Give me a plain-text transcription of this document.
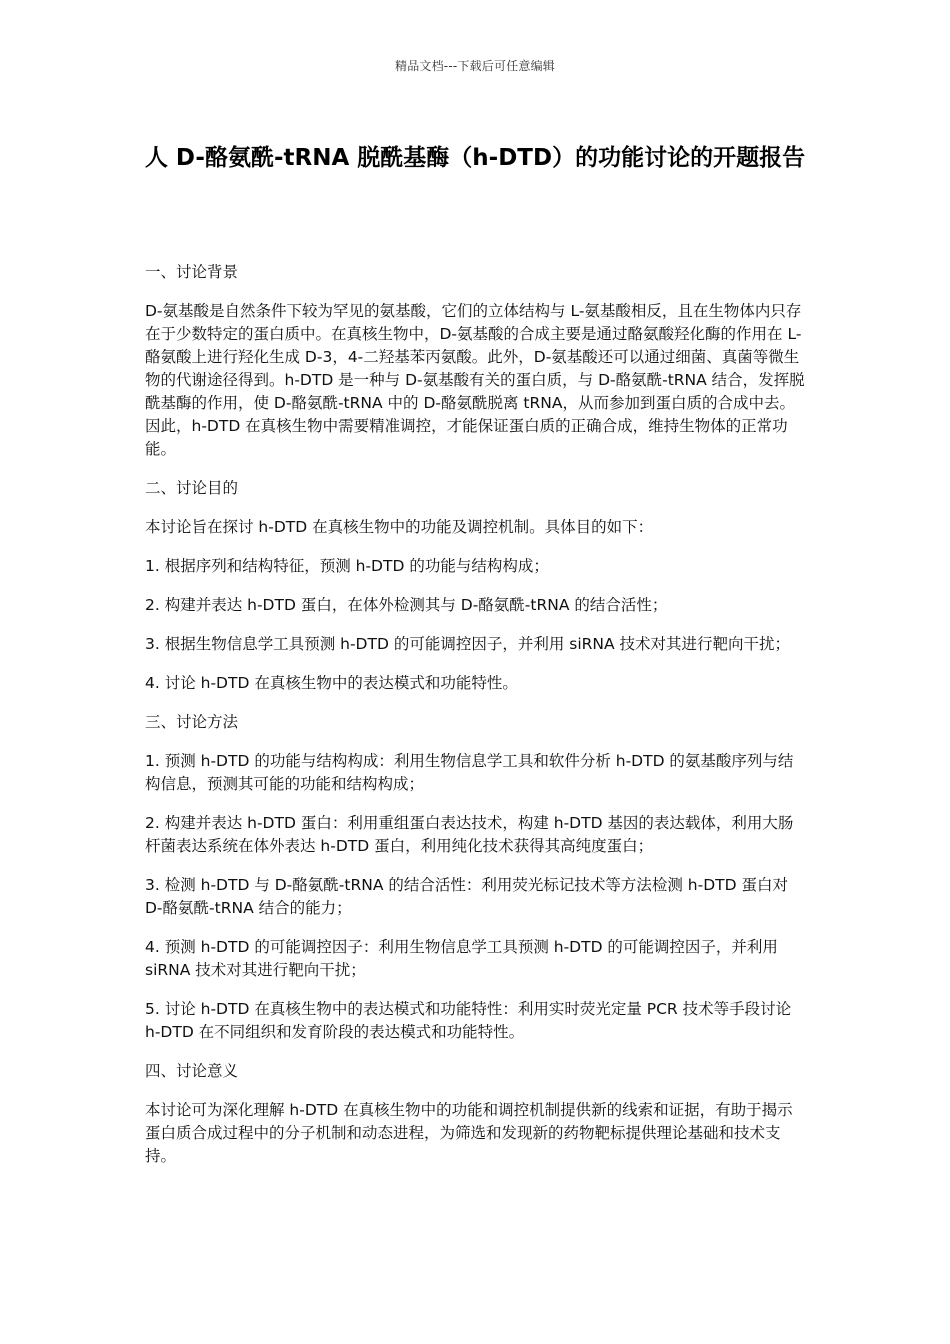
精品文档---下载后可任意编辑
人 D-酪氨酰-tRNA 脱酰基酶（h-DTD）的功能讨论的开题报告

一、讨论背景

D-氨基酸是自然条件下较为罕见的氨基酸，它们的立体结构与 L-氨基酸相反，且在生物体内只存在于少数特定的蛋白质中。在真核生物中，D-氨基酸的合成主要是通过酪氨酸羟化酶的作用在 L-酪氨酸上进行羟化生成 D-3，4-二羟基苯丙氨酸。此外，D-氨基酸还可以通过细菌、真菌等微生物的代谢途径得到。h-DTD 是一种与 D-氨基酸有关的蛋白质，与 D-酪氨酰-tRNA 结合，发挥脱酰基酶的作用，使 D-酪氨酰-tRNA 中的 D-酪氨酰脱离 tRNA，从而参加到蛋白质的合成中去。因此，h-DTD 在真核生物中需要精准调控，才能保证蛋白质的正确合成，维持生物体的正常功能。

二、讨论目的

本讨论旨在探讨 h-DTD 在真核生物中的功能及调控机制。具体目的如下：

1. 根据序列和结构特征，预测 h-DTD 的功能与结构构成；

2. 构建并表达 h-DTD 蛋白，在体外检测其与 D-酪氨酰-tRNA 的结合活性；

3. 根据生物信息学工具预测 h-DTD 的可能调控因子，并利用 siRNA 技术对其进行靶向干扰；

4. 讨论 h-DTD 在真核生物中的表达模式和功能特性。

三、讨论方法

1. 预测 h-DTD 的功能与结构构成：利用生物信息学工具和软件分析 h-DTD 的氨基酸序列与结构信息，预测其可能的功能和结构构成；

2. 构建并表达 h-DTD 蛋白：利用重组蛋白表达技术，构建 h-DTD 基因的表达载体，利用大肠杆菌表达系统在体外表达 h-DTD 蛋白，利用纯化技术获得其高纯度蛋白；

3. 检测 h-DTD 与 D-酪氨酰-tRNA 的结合活性：利用荧光标记技术等方法检测 h-DTD 蛋白对 D-酪氨酰-tRNA 结合的能力；

4. 预测 h-DTD 的可能调控因子：利用生物信息学工具预测 h-DTD 的可能调控因子，并利用 siRNA 技术对其进行靶向干扰；

5. 讨论 h-DTD 在真核生物中的表达模式和功能特性：利用实时荧光定量 PCR 技术等手段讨论 h-DTD 在不同组织和发育阶段的表达模式和功能特性。

四、讨论意义

本讨论可为深化理解 h-DTD 在真核生物中的功能和调控机制提供新的线索和证据，有助于揭示蛋白质合成过程中的分子机制和动态进程，为筛选和发现新的药物靶标提供理论基础和技术支持。
